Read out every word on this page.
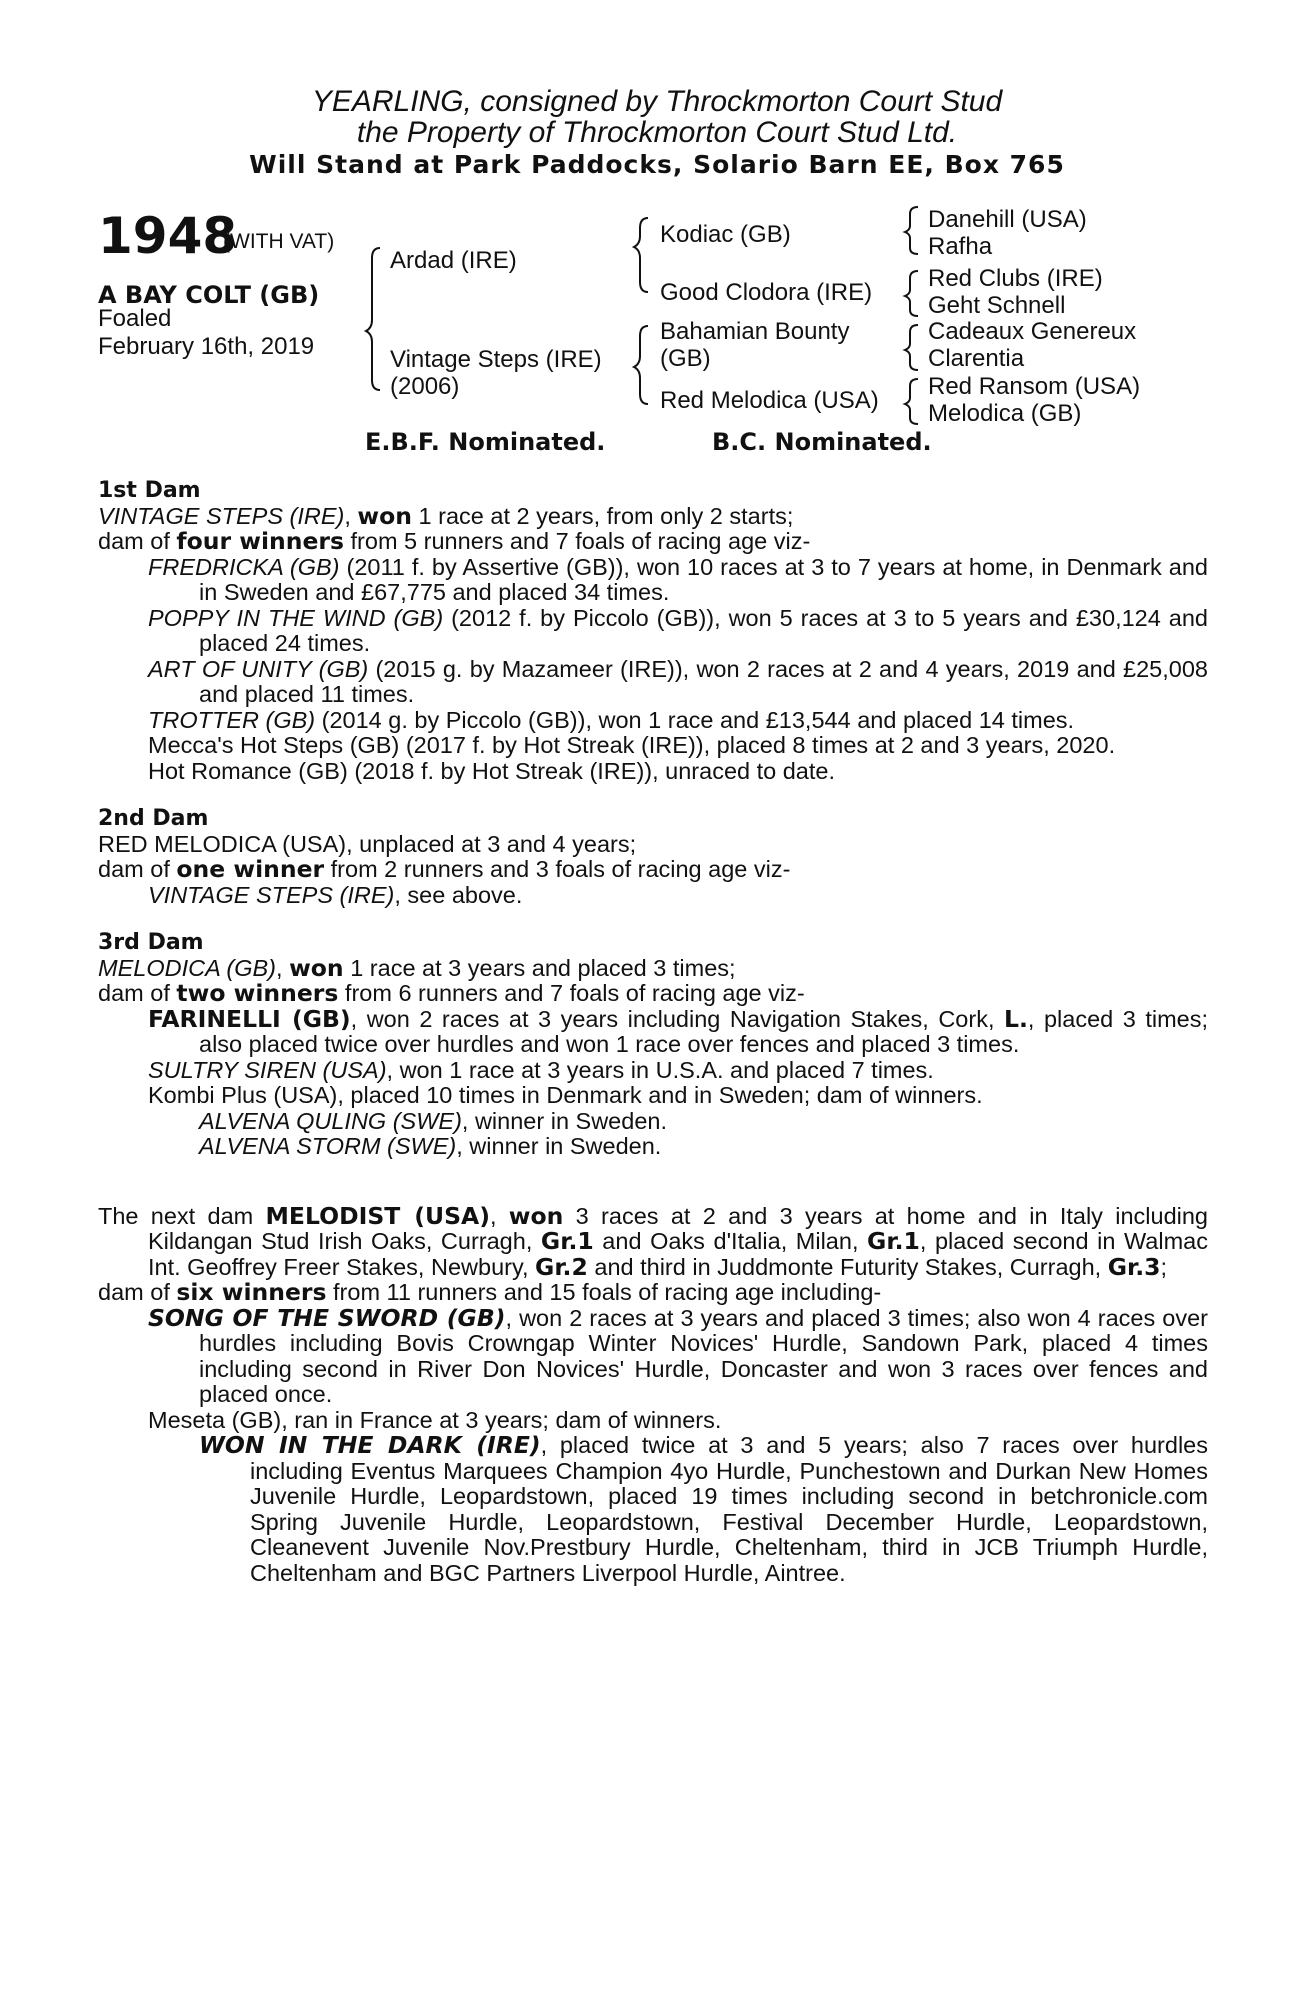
YEARLING, consigned by Throckmorton Court Stud
the Property of Throckmorton Court Stud Ltd.
Will Stand at Park Paddocks, Solario Barn EE, Box 765
1948
(WITH VAT)
A BAY COLT (GB)
Foaled
February 16th, 2019
Ardad (IRE)
Vintage Steps (IRE)
(2006)
Kodiac (GB)
Good Clodora (IRE)
Bahamian Bounty
(GB)
Red Melodica (USA)
Danehill (USA)
Rafha
Red Clubs (IRE)
Geht Schnell
Cadeaux Genereux
Clarentia
Red Ransom (USA)
Melodica (GB)
E.B.F. Nominated.	B.C. Nominated.

1st Dam

VINTAGE STEPS (IRE), won 1 race at 2 years, from only 2 starts;

dam of four winners from 5 runners and 7 foals of racing age viz-

FREDRICKA (GB) (2011 f. by Assertive (GB)), won 10 races at 3 to 7 years at home, in Denmark and in Sweden and £67,775 and placed 34 times.

POPPY IN THE WIND (GB) (2012 f. by Piccolo (GB)), won 5 races at 3 to 5 years and £30,124 and placed 24 times.

ART OF UNITY (GB) (2015 g. by Mazameer (IRE)), won 2 races at 2 and 4 years, 2019 and £25,008 and placed 11 times.

TROTTER (GB) (2014 g. by Piccolo (GB)), won 1 race and £13,544 and placed 14 times.

Mecca's Hot Steps (GB) (2017 f. by Hot Streak (IRE)), placed 8 times at 2 and 3 years, 2020.

Hot Romance (GB) (2018 f. by Hot Streak (IRE)), unraced to date.

2nd Dam

RED MELODICA (USA), unplaced at 3 and 4 years;

dam of one winner from 2 runners and 3 foals of racing age viz-

VINTAGE STEPS (IRE), see above.

3rd Dam

MELODICA (GB), won 1 race at 3 years and placed 3 times;

dam of two winners from 6 runners and 7 foals of racing age viz-

FARINELLI (GB), won 2 races at 3 years including Navigation Stakes, Cork, L., placed 3 times; also placed twice over hurdles and won 1 race over fences and placed 3 times.

SULTRY SIREN (USA), won 1 race at 3 years in U.S.A. and placed 7 times.

Kombi Plus (USA), placed 10 times in Denmark and in Sweden; dam of winners.

ALVENA QULING (SWE), winner in Sweden.

ALVENA STORM (SWE), winner in Sweden.

The next dam MELODIST (USA), won 3 races at 2 and 3 years at home and in Italy including Kildangan Stud Irish Oaks, Curragh, Gr.1 and Oaks d'Italia, Milan, Gr.1, placed second in Walmac Int. Geoffrey Freer Stakes, Newbury, Gr.2 and third in Juddmonte Futurity Stakes, Curragh, Gr.3;

dam of six winners from 11 runners and 15 foals of racing age including-

SONG OF THE SWORD (GB), won 2 races at 3 years and placed 3 times; also won 4 races over hurdles including Bovis Crowngap Winter Novices' Hurdle, Sandown Park, placed 4 times including second in River Don Novices' Hurdle, Doncaster and won 3 races over fences and placed once.

Meseta (GB), ran in France at 3 years; dam of winners.

WON IN THE DARK (IRE), placed twice at 3 and 5 years; also 7 races over hurdles including Eventus Marquees Champion 4yo Hurdle, Punchestown and Durkan New Homes Juvenile Hurdle, Leopardstown, placed 19 times including second in betchronicle.com Spring Juvenile Hurdle, Leopardstown, Festival December Hurdle, Leopardstown, Cleanevent Juvenile Nov.Prestbury Hurdle, Cheltenham, third in JCB Triumph Hurdle, Cheltenham and BGC Partners Liverpool Hurdle, Aintree.
